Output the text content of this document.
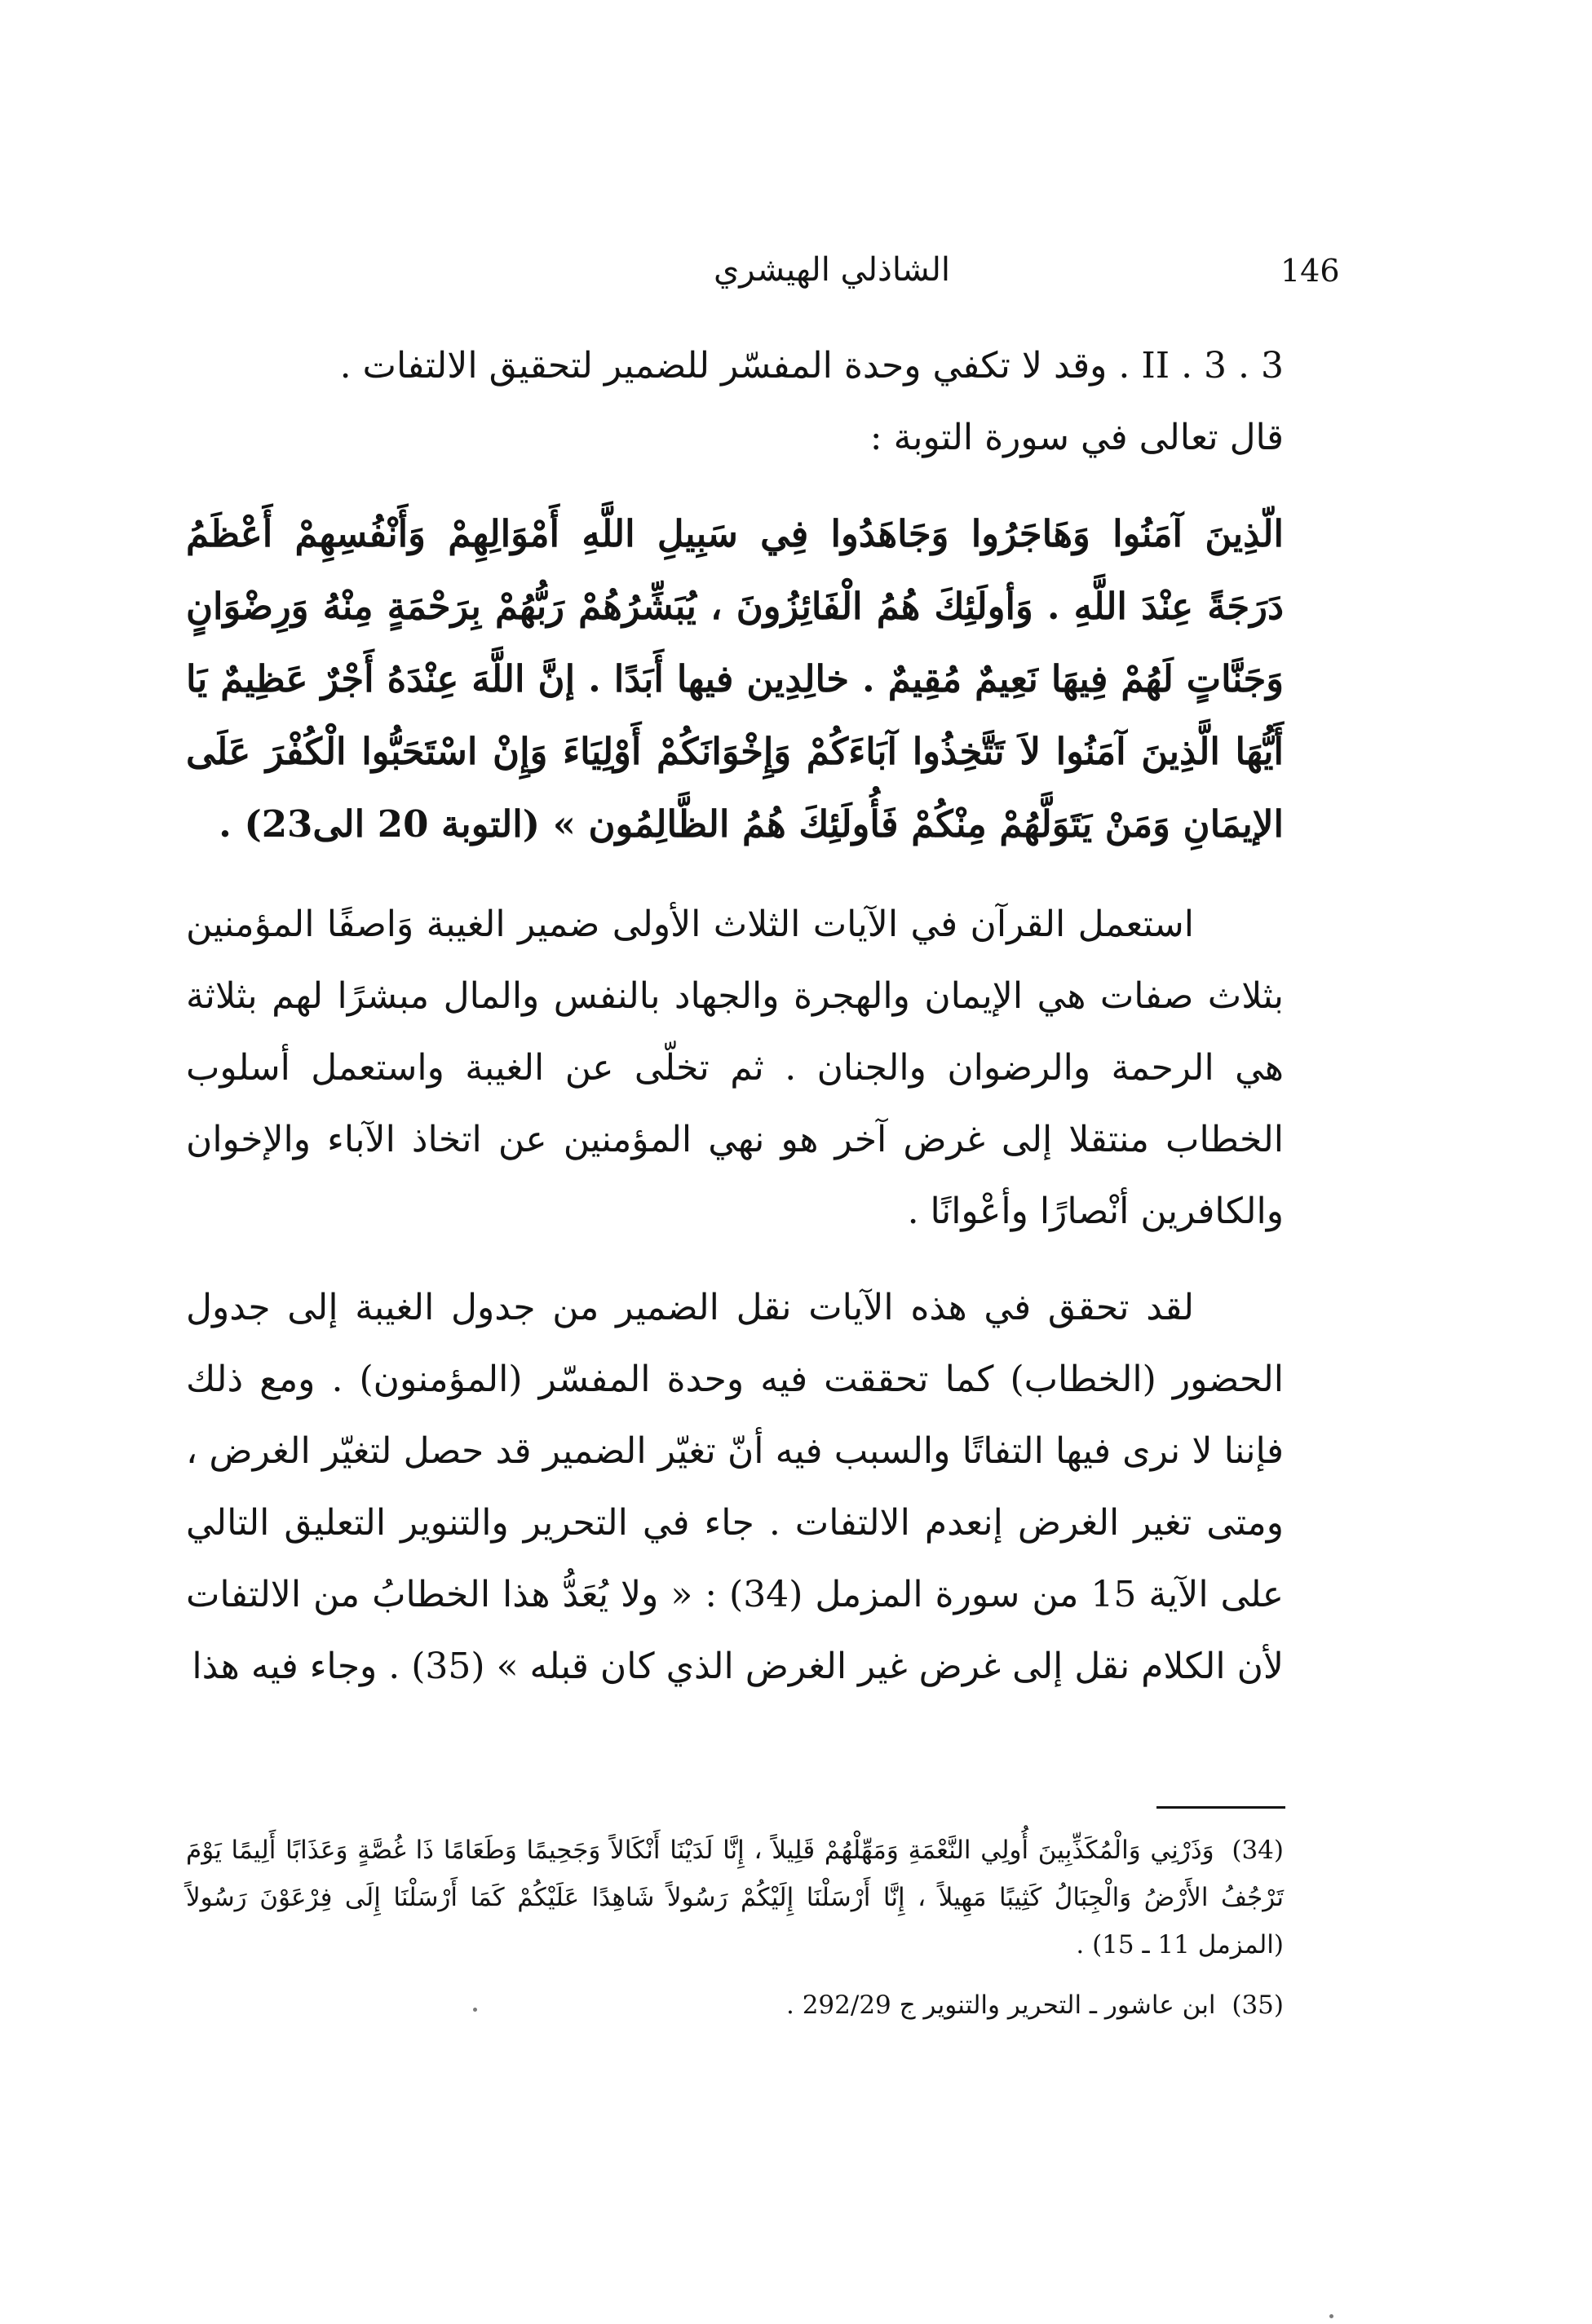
146
الشاذلي الهيشري
II . 3 . 3 . وقد لا تكفي وحدة المفسّر للضمير لتحقيق الالتفات .
قال تعالى في سورة التوبة :
الّذِينَ آمَنُوا وَهَاجَرُوا وَجَاهَدُوا فِي سَبِيلِ اللَّهِ أَمْوَالِهِمْ وَأَنْفُسِهِمْ أَعْظَمُ دَرَجَةً عِنْدَ اللَّهِ . وَأولَئِكَ هُمُ الْفَائِزُونَ ، يُبَشِّرُهُمْ رَبُّهُمْ بِرَحْمَةٍ مِنْهُ وَرِضْوَانٍ وَجَنَّاتٍ لَهُمْ فِيهَا نَعِيمٌ مُقِيمٌ . خالِدِين فيها أَبَدًا . إنَّ اللَّهَ عِنْدَهُ أَجْرٌ عَظِيمٌ يَا أَيُّهَا الَّذِينَ آمَنُوا لاَ تَتَّخِذُوا آبَاءَكُمْ وَإِخْوَانَكُمْ أَوْلِيَاءَ وَإِنْ اسْتَحَبُّوا الْكُفْرَ عَلَى الإيمَانِ وَمَنْ يَتَوَلَّهُمْ مِنْكُمْ فَأُولَئِكَ هُمُ الظَّالِمُون » (التوبة 20 الى23) .
استعمل القرآن في الآيات الثلاث الأولى ضمير الغيبة وَاصفًا المؤمنين بثلاث صفات هي الإيمان والهجرة والجهاد بالنفس والمال مبشرًا لهم بثلاثة هي الرحمة والرضوان والجنان . ثم تخلّى عن الغيبة واستعمل أسلوب الخطاب منتقلا إلى غرض آخر هو نهي المؤمنين عن اتخاذ الآباء والإخوان والكافرين أنْصارًا وأعْوانًا .
لقد تحقق في هذه الآيات نقل الضمير من جدول الغيبة إلى جدول الحضور (الخطاب) كما تحققت فيه وحدة المفسّر (المؤمنون) . ومع ذلك فإننا لا نرى فيها التفاتًا والسبب فيه أنّ تغيّر الضمير قد حصل لتغيّر الغرض ، ومتى تغير الغرض إنعدم الالتفات . جاء في التحرير والتنوير التعليق التالي على الآية 15 من سورة المزمل (34) : « ولا يُعَدُّ هذا الخطابُ من الالتفات لأن الكلام نقل إلى غرض غير الغرض الذي كان قبله » (35) . وجاء فيه هذا
(34) وَذَرْنِي وَالْمُكَذِّبِينَ أُولِي النَّعْمَةِ وَمَهِّلْهُمْ قَلِيلاً ، إِنَّا لَدَيْنَا أَنْكَالاً وَجَحِيمًا وَطَعَامًا ذَا غُصَّةٍ وَعَذَابًا أَلِيمًا يَوْمَ تَرْجُفُ الأَرْضُ وَالْجِبَالُ كَثِيبًا مَهِيلاً ، إِنَّا أَرْسَلْنَا إِلَيْكُمْ رَسُولاً شَاهِدًا عَلَيْكُمْ كَمَا أَرْسَلْنَا إِلَى فِرْعَوْنَ رَسُولاً (المزمل 11 ـ 15) .
(35) ابن عاشور ـ التحرير والتنوير ج 292/29 .
